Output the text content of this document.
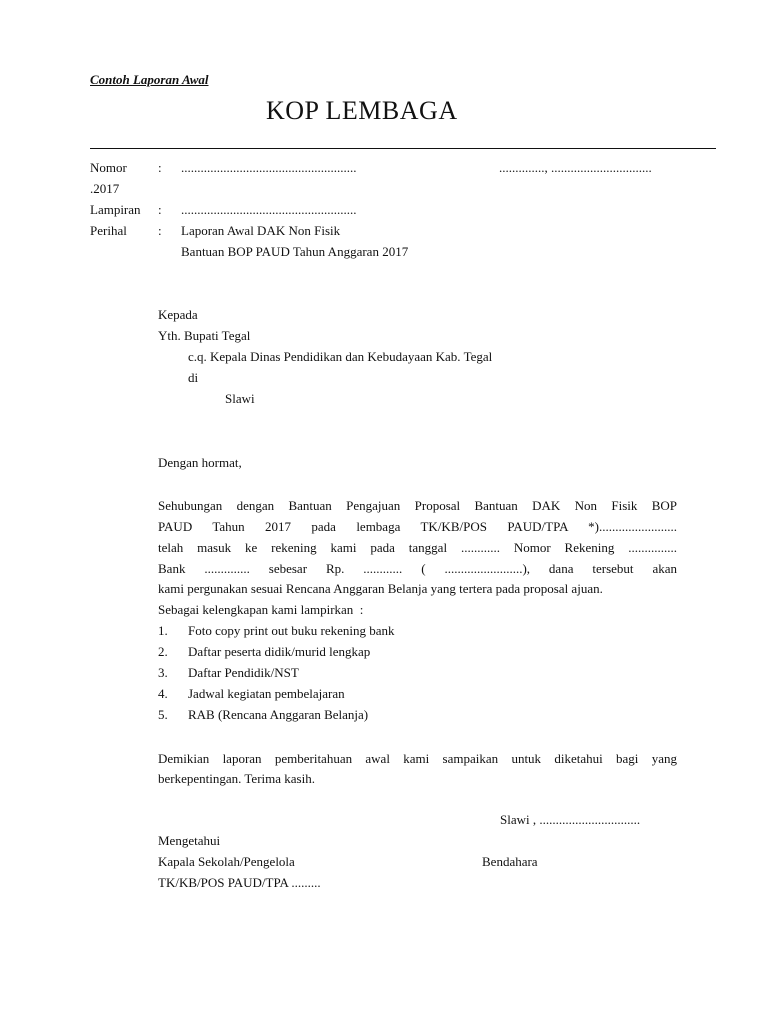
Contoh Laporan Awal
KOP LEMBAGA
Nomor : ......................................................	.............., ...............................
.2017
Lampiran : ......................................................
Perihal : Laporan Awal DAK Non Fisik
Bantuan BOP PAUD Tahun Anggaran 2017
Kepada
Yth. Bupati Tegal
c.q. Kepala Dinas Pendidikan dan Kebudayaan Kab. Tegal
di
Slawi
Dengan hormat,
Sehubungan dengan Bantuan Pengajuan Proposal Bantuan DAK Non Fisik BOP
PAUD Tahun 2017 pada lembaga TK/KB/POS PAUD/TPA *)........................
telah masuk ke rekening kami pada tanggal ............ Nomor Rekening ...............
Bank .............. sebesar Rp. ............ ( ........................), dana tersebut akan
kami pergunakan sesuai Rencana Anggaran Belanja yang tertera pada proposal ajuan.
Sebagai kelengkapan kami lampirkan  :
1. Foto copy print out buku rekening bank
2. Daftar peserta didik/murid lengkap
3. Daftar Pendidik/NST
4. Jadwal kegiatan pembelajaran
5. RAB (Rencana Anggaran Belanja)
Demikian laporan pemberitahuan awal kami sampaikan untuk diketahui bagi yang
berkepentingan. Terima kasih.
Slawi , ...............................
Mengetahui
Kapala Sekolah/Pengelola	Bendahara
TK/KB/POS PAUD/TPA .........
